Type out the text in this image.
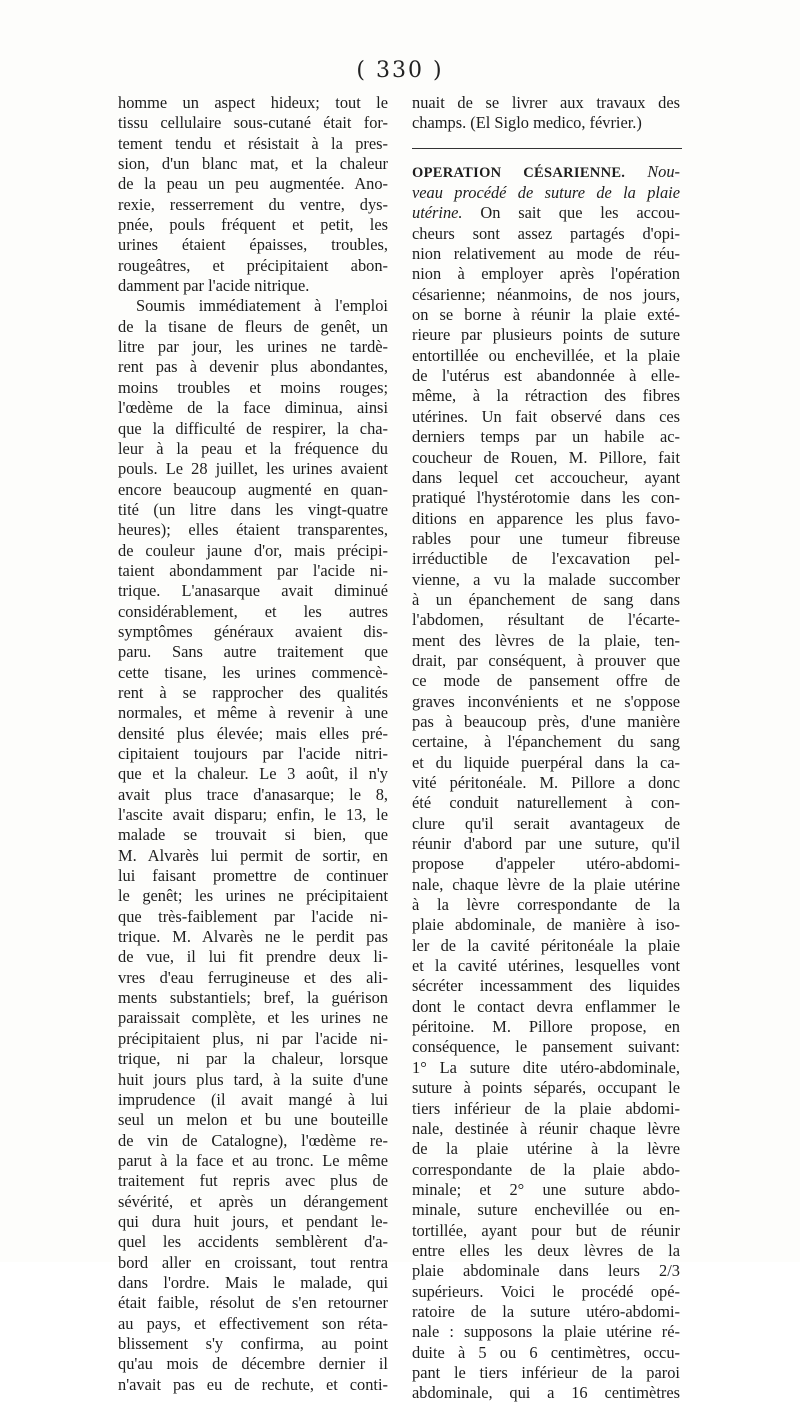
( 330 )
homme un aspect hideux; tout le
tissu cellulaire sous-cutané était for-
tement tendu et résistait à la pres-
sion, d'un blanc mat, et la chaleur
de la peau un peu augmentée. Ano-
rexie, resserrement du ventre, dys-
pnée, pouls fréquent et petit, les
urines étaient épaisses, troubles,
rougeâtres, et précipitaient abon-
damment par l'acide nitrique.
Soumis immédiatement à l'emploi
de la tisane de fleurs de genêt, un
litre par jour, les urines ne tardè-
rent pas à devenir plus abondantes,
moins troubles et moins rouges;
l'œdème de la face diminua, ainsi
que la difficulté de respirer, la cha-
leur à la peau et la fréquence du
pouls. Le 28 juillet, les urines avaient
encore beaucoup augmenté en quan-
tité (un litre dans les vingt-quatre
heures); elles étaient transparentes,
de couleur jaune d'or, mais précipi-
taient abondamment par l'acide ni-
trique. L'anasarque avait diminué
considérablement, et les autres
symptômes généraux avaient dis-
paru. Sans autre traitement que
cette tisane, les urines commencè-
rent à se rapprocher des qualités
normales, et même à revenir à une
densité plus élevée; mais elles pré-
cipitaient toujours par l'acide nitri-
que et la chaleur. Le 3 août, il n'y
avait plus trace d'anasarque; le 8,
l'ascite avait disparu; enfin, le 13, le
malade se trouvait si bien, que
M. Alvarès lui permit de sortir, en
lui faisant promettre de continuer
le genêt; les urines ne précipitaient
que très-faiblement par l'acide ni-
trique. M. Alvarès ne le perdit pas
de vue, il lui fit prendre deux li-
vres d'eau ferrugineuse et des ali-
ments substantiels; bref, la guérison
paraissait complète, et les urines ne
précipitaient plus, ni par l'acide ni-
trique, ni par la chaleur, lorsque
huit jours plus tard, à la suite d'une
imprudence (il avait mangé à lui
seul un melon et bu une bouteille
de vin de Catalogne), l'œdème re-
parut à la face et au tronc. Le même
traitement fut repris avec plus de
sévérité, et après un dérangement
qui dura huit jours, et pendant le-
quel les accidents semblèrent d'a-
bord aller en croissant, tout rentra
dans l'ordre. Mais le malade, qui
était faible, résolut de s'en retourner
au pays, et effectivement son réta-
blissement s'y confirma, au point
qu'au mois de décembre dernier il
n'avait pas eu de rechute, et conti-
nuait de se livrer aux travaux des
champs. (El Siglo medico, février.)
OPERATION CÉSARIENNE. Nou-
veau procédé de suture de la plaie
utérine. On sait que les accou-
cheurs sont assez partagés d'opi-
nion relativement au mode de réu-
nion à employer après l'opération
césarienne; néanmoins, de nos jours,
on se borne à réunir la plaie exté-
rieure par plusieurs points de suture
entortillée ou enchevillée, et la plaie
de l'utérus est abandonnée à elle-
même, à la rétraction des fibres
utérines. Un fait observé dans ces
derniers temps par un habile ac-
coucheur de Rouen, M. Pillore, fait
dans lequel cet accoucheur, ayant
pratiqué l'hystérotomie dans les con-
ditions en apparence les plus favo-
rables pour une tumeur fibreuse
irréductible de l'excavation pel-
vienne, a vu la malade succomber
à un épanchement de sang dans
l'abdomen, résultant de l'écarte-
ment des lèvres de la plaie, ten-
drait, par conséquent, à prouver que
ce mode de pansement offre de
graves inconvénients et ne s'oppose
pas à beaucoup près, d'une manière
certaine, à l'épanchement du sang
et du liquide puerpéral dans la ca-
vité péritonéale. M. Pillore a donc
été conduit naturellement à con-
clure qu'il serait avantageux de
réunir d'abord par une suture, qu'il
propose d'appeler utéro-abdomi-
nale, chaque lèvre de la plaie utérine
à la lèvre correspondante de la
plaie abdominale, de manière à iso-
ler de la cavité péritonéale la plaie
et la cavité utérines, lesquelles vont
sécréter incessamment des liquides
dont le contact devra enflammer le
péritoine. M. Pillore propose, en
conséquence, le pansement suivant:
1° La suture dite utéro-abdominale,
suture à points séparés, occupant le
tiers inférieur de la plaie abdomi-
nale, destinée à réunir chaque lèvre
de la plaie utérine à la lèvre
correspondante de la plaie abdo-
minale; et 2° une suture abdo-
minale, suture enchevillée ou en-
tortillée, ayant pour but de réunir
entre elles les deux lèvres de la
plaie abdominale dans leurs 2/3
supérieurs. Voici le procédé opé-
ratoire de la suture utéro-abdomi-
nale : supposons la plaie utérine ré-
duite à 5 ou 6 centimètres, occu-
pant le tiers inférieur de la paroi
abdominale, qui a 16 centimètres
